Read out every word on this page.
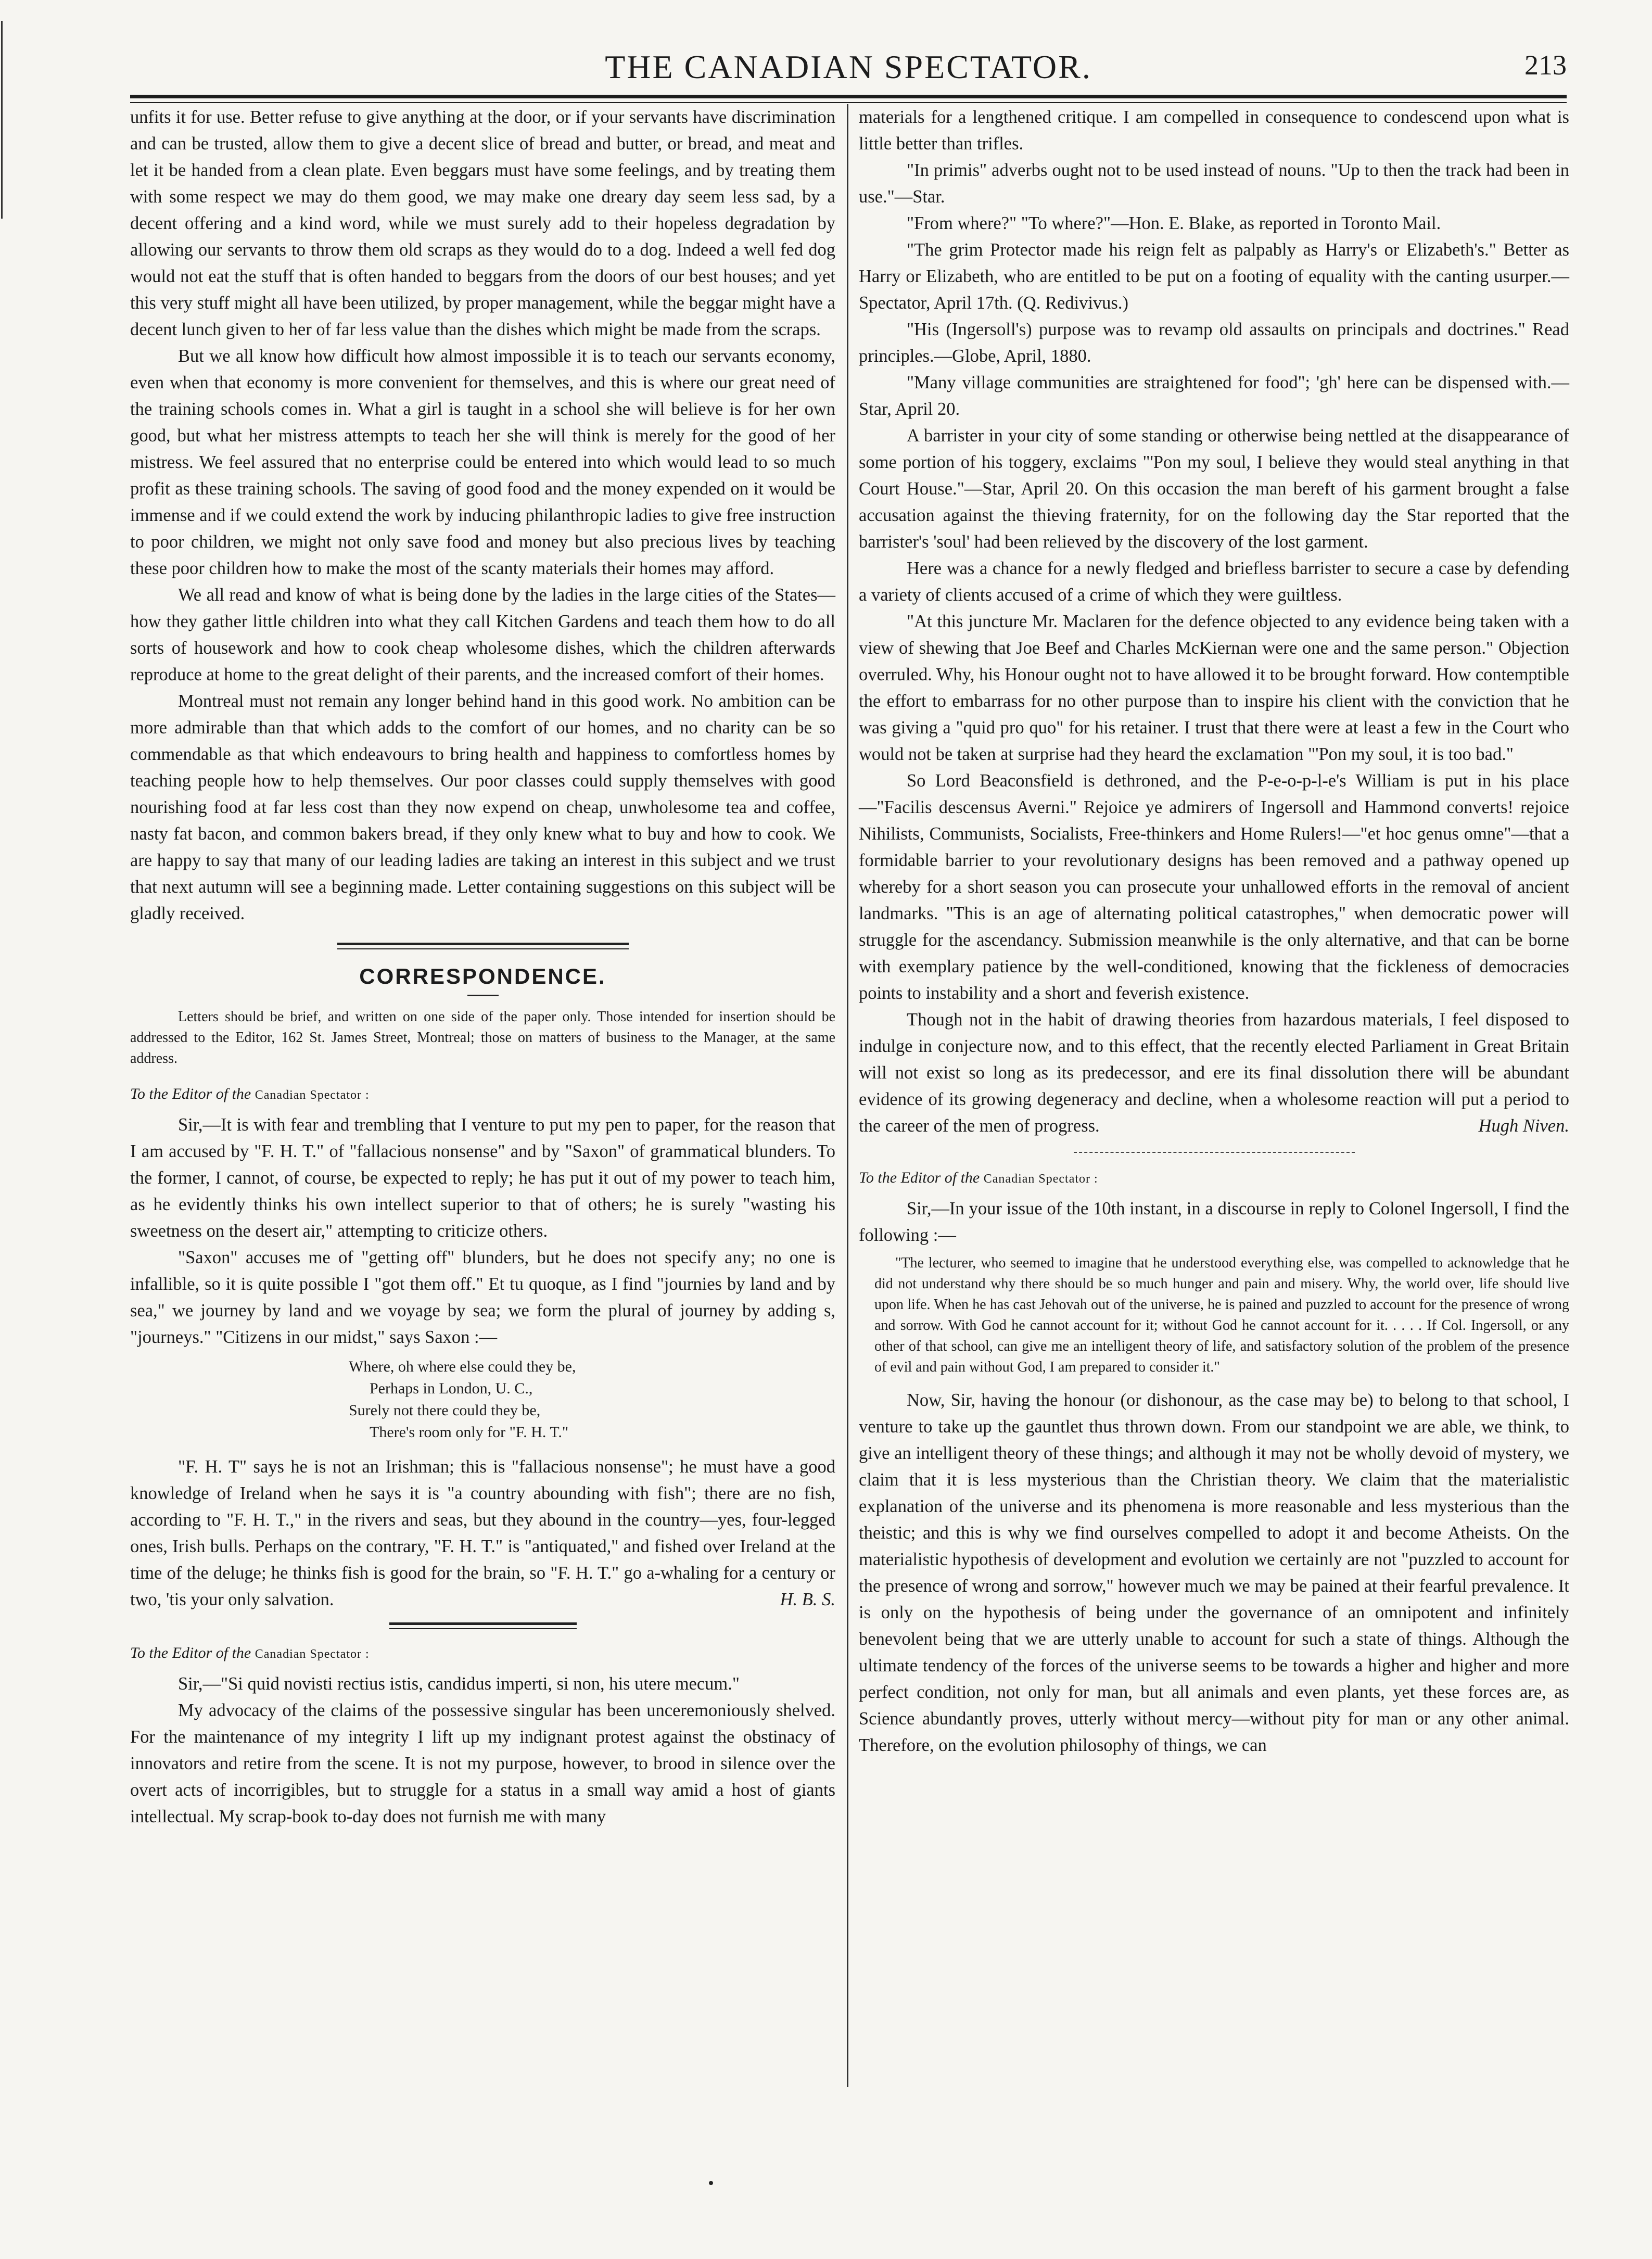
THE CANADIAN SPECTATOR.	213

unfits it for use. Better refuse to give anything at the door, or if your servants have discrimination and can be trusted, allow them to give a decent slice of bread and butter, or bread, and meat and let it be handed from a clean plate. Even beggars must have some feelings, and by treating them with some respect we may do them good, we may make one dreary day seem less sad, by a decent offering and a kind word, while we must surely add to their hopeless degradation by allowing our servants to throw them old scraps as they would do to a dog. Indeed a well fed dog would not eat the stuff that is often handed to beggars from the doors of our best houses; and yet this very stuff might all have been utilized, by proper management, while the beggar might have a decent lunch given to her of far less value than the dishes which might be made from the scraps.

But we all know how difficult how almost impossible it is to teach our servants economy, even when that economy is more convenient for themselves, and this is where our great need of the training schools comes in. What a girl is taught in a school she will believe is for her own good, but what her mistress attempts to teach her she will think is merely for the good of her mistress. We feel assured that no enterprise could be entered into which would lead to so much profit as these training schools. The saving of good food and the money expended on it would be immense and if we could extend the work by inducing philanthropic ladies to give free instruction to poor children, we might not only save food and money but also precious lives by teaching these poor children how to make the most of the scanty materials their homes may afford.

We all read and know of what is being done by the ladies in the large cities of the States—how they gather little children into what they call Kitchen Gardens and teach them how to do all sorts of housework and how to cook cheap wholesome dishes, which the children afterwards reproduce at home to the great delight of their parents, and the increased comfort of their homes.

Montreal must not remain any longer behind hand in this good work. No ambition can be more admirable than that which adds to the comfort of our homes, and no charity can be so commendable as that which endeavours to bring health and happiness to comfortless homes by teaching people how to help themselves. Our poor classes could supply themselves with good nourishing food at far less cost than they now expend on cheap, unwholesome tea and coffee, nasty fat bacon, and common bakers bread, if they only knew what to buy and how to cook. We are happy to say that many of our leading ladies are taking an interest in this subject and we trust that next autumn will see a beginning made. Letter containing suggestions on this subject will be gladly received.

CORRESPONDENCE.

Letters should be brief, and written on one side of the paper only. Those intended for insertion should be addressed to the Editor, 162 St. James Street, Montreal; those on matters of business to the Manager, at the same address.

To the Editor of the Canadian Spectator :

Sir,—It is with fear and trembling that I venture to put my pen to paper, for the reason that I am accused by "F. H. T." of "fallacious nonsense" and by "Saxon" of grammatical blunders. To the former, I cannot, of course, be expected to reply; he has put it out of my power to teach him, as he evidently thinks his own intellect superior to that of others; he is surely "wasting his sweetness on the desert air," attempting to criticize others.

"Saxon" accuses me of "getting off" blunders, but he does not specify any; no one is infallible, so it is quite possible I "got them off." Et tu quoque, as I find "journies by land and by sea," we journey by land and we voyage by sea; we form the plural of journey by adding s, "journeys." "Citizens in our midst," says Saxon :—

Where, oh where else could they be,

Perhaps in London, U. C.,

Surely not there could they be,

There's room only for "F. H. T."

"F. H. T" says he is not an Irishman; this is "fallacious nonsense"; he must have a good knowledge of Ireland when he says it is "a country abounding with fish"; there are no fish, according to "F. H. T.," in the rivers and seas, but they abound in the country—yes, four-legged ones, Irish bulls. Perhaps on the contrary, "F. H. T." is "antiquated," and fished over Ireland at the time of the deluge; he thinks fish is good for the brain, so "F. H. T." go a-whaling for a century or two, 'tis your only salvation.	H. B. S.

To the Editor of the Canadian Spectator :

Sir,—"Si quid novisti rectius istis, candidus imperti, si non, his utere mecum."

My advocacy of the claims of the possessive singular has been unceremoniously shelved. For the maintenance of my integrity I lift up my indignant protest against the obstinacy of innovators and retire from the scene. It is not my purpose, however, to brood in silence over the overt acts of incorrigibles, but to struggle for a status in a small way amid a host of giants intellectual. My scrap-book to-day does not furnish me with many

materials for a lengthened critique. I am compelled in consequence to condescend upon what is little better than trifles.

"In primis" adverbs ought not to be used instead of nouns. "Up to then the track had been in use."—Star.

"From where?" "To where?"—Hon. E. Blake, as reported in Toronto Mail.

"The grim Protector made his reign felt as palpably as Harry's or Elizabeth's." Better as Harry or Elizabeth, who are entitled to be put on a footing of equality with the canting usurper.—Spectator, April 17th. (Q. Redivivus.)

"His (Ingersoll's) purpose was to revamp old assaults on principals and doctrines." Read principles.—Globe, April, 1880.

"Many village communities are straightened for food"; 'gh' here can be dispensed with.—Star, April 20.

A barrister in your city of some standing or otherwise being nettled at the disappearance of some portion of his toggery, exclaims "'Pon my soul, I believe they would steal anything in that Court House."—Star, April 20. On this occasion the man bereft of his garment brought a false accusation against the thieving fraternity, for on the following day the Star reported that the barrister's 'soul' had been relieved by the discovery of the lost garment.

Here was a chance for a newly fledged and briefless barrister to secure a case by defending a variety of clients accused of a crime of which they were guiltless.

"At this juncture Mr. Maclaren for the defence objected to any evidence being taken with a view of shewing that Joe Beef and Charles McKiernan were one and the same person." Objection overruled. Why, his Honour ought not to have allowed it to be brought forward. How contemptible the effort to embarrass for no other purpose than to inspire his client with the conviction that he was giving a "quid pro quo" for his retainer. I trust that there were at least a few in the Court who would not be taken at surprise had they heard the exclamation "'Pon my soul, it is too bad."

So Lord Beaconsfield is dethroned, and the P-e-o-p-l-e's William is put in his place—"Facilis descensus Averni." Rejoice ye admirers of Ingersoll and Hammond converts! rejoice Nihilists, Communists, Socialists, Free-thinkers and Home Rulers!—"et hoc genus omne"—that a formidable barrier to your revolutionary designs has been removed and a pathway opened up whereby for a short season you can prosecute your unhallowed efforts in the removal of ancient landmarks. "This is an age of alternating political catastrophes," when democratic power will struggle for the ascendancy. Submission meanwhile is the only alternative, and that can be borne with exemplary patience by the well-conditioned, knowing that the fickleness of democracies points to instability and a short and feverish existence.

Though not in the habit of drawing theories from hazardous materials, I feel disposed to indulge in conjecture now, and to this effect, that the recently elected Parliament in Great Britain will not exist so long as its predecessor, and ere its final dissolution there will be abundant evidence of its growing degeneracy and decline, when a wholesome reaction will put a period to the career of the men of progress.	Hugh Niven.

To the Editor of the Canadian Spectator :

Sir,—In your issue of the 10th instant, in a discourse in reply to Colonel Ingersoll, I find the following :—

"The lecturer, who seemed to imagine that he understood everything else, was compelled to acknowledge that he did not understand why there should be so much hunger and pain and misery. Why, the world over, life should live upon life. When he has cast Jehovah out of the universe, he is pained and puzzled to account for the presence of wrong and sorrow. With God he cannot account for it; without God he cannot account for it. . . . . If Col. Ingersoll, or any other of that school, can give me an intelligent theory of life, and satisfactory solution of the problem of the presence of evil and pain without God, I am prepared to consider it."

Now, Sir, having the honour (or dishonour, as the case may be) to belong to that school, I venture to take up the gauntlet thus thrown down. From our standpoint we are able, we think, to give an intelligent theory of these things; and although it may not be wholly devoid of mystery, we claim that it is less mysterious than the Christian theory. We claim that the materialistic explanation of the universe and its phenomena is more reasonable and less mysterious than the theistic; and this is why we find ourselves compelled to adopt it and become Atheists. On the materialistic hypothesis of development and evolution we certainly are not "puzzled to account for the presence of wrong and sorrow," however much we may be pained at their fearful prevalence. It is only on the hypothesis of being under the governance of an omnipotent and infinitely benevolent being that we are utterly unable to account for such a state of things. Although the ultimate tendency of the forces of the universe seems to be towards a higher and higher and more perfect condition, not only for man, but all animals and even plants, yet these forces are, as Science abundantly proves, utterly without mercy—without pity for man or any other animal. Therefore, on the evolution philosophy of things, we can
